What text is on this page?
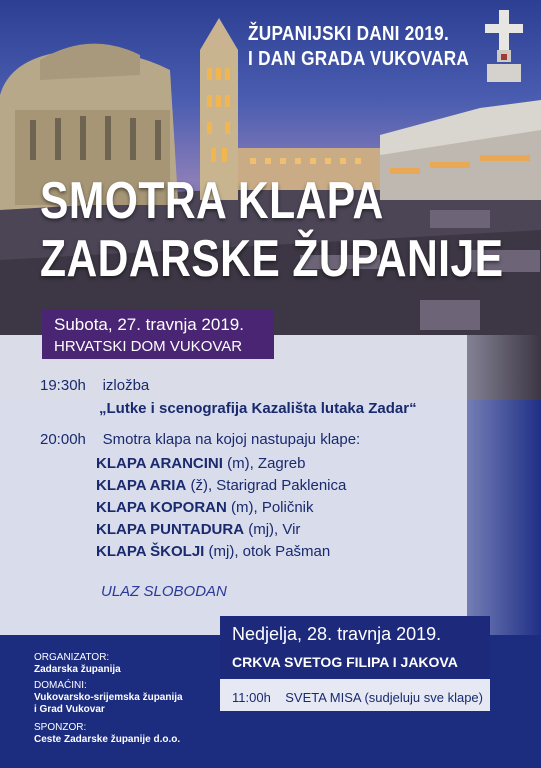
ŽUPANIJSKI DANI 2019.
I DAN GRADA VUKOVARA
SMOTRA KLAPA
ZADARSKE ŽUPANIJE
Subota, 27. travnja 2019.
HRVATSKI DOM VUKOVAR
19:30h izložba
„Lutke i scenografija Kazališta lutaka Zadar“
20:00h Smotra klapa na kojoj nastupaju klape:
KLAPA ARANCINI (m), Zagreb
KLAPA ARIA (ž), Starigrad Paklenica
KLAPA KOPORAN (m), Poličnik
KLAPA PUNTADURA (mj), Vir
KLAPA ŠKOLJI (mj), otok Pašman
ULAZ SLOBODAN
Nedjelja, 28. travnja 2019.
CRKVA SVETOG FILIPA I JAKOVA
11:00h SVETA MISA (sudjeluju sve klape)
ORGANIZATOR:
Zadarska županija
DOMAĆINI:
Vukovarsko-srijemska županija
i Grad Vukovar
SPONZOR:
Ceste Zadarske županije d.o.o.
